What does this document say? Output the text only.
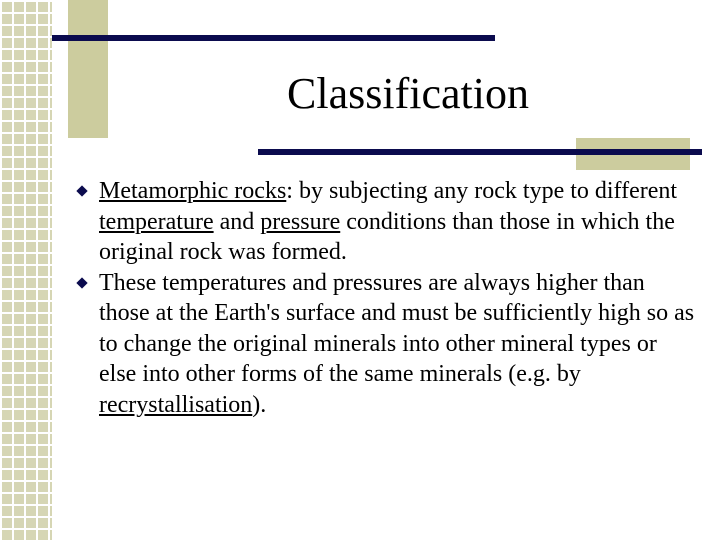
Classification
Metamorphic rocks: by subjecting any rock type to different temperature and pressure conditions than those in which the original rock was formed.
These temperatures and pressures are always higher than those at the Earth's surface and must be sufficiently high so as to change the original minerals into other mineral types or else into other forms of the same minerals (e.g. by recrystallisation).
